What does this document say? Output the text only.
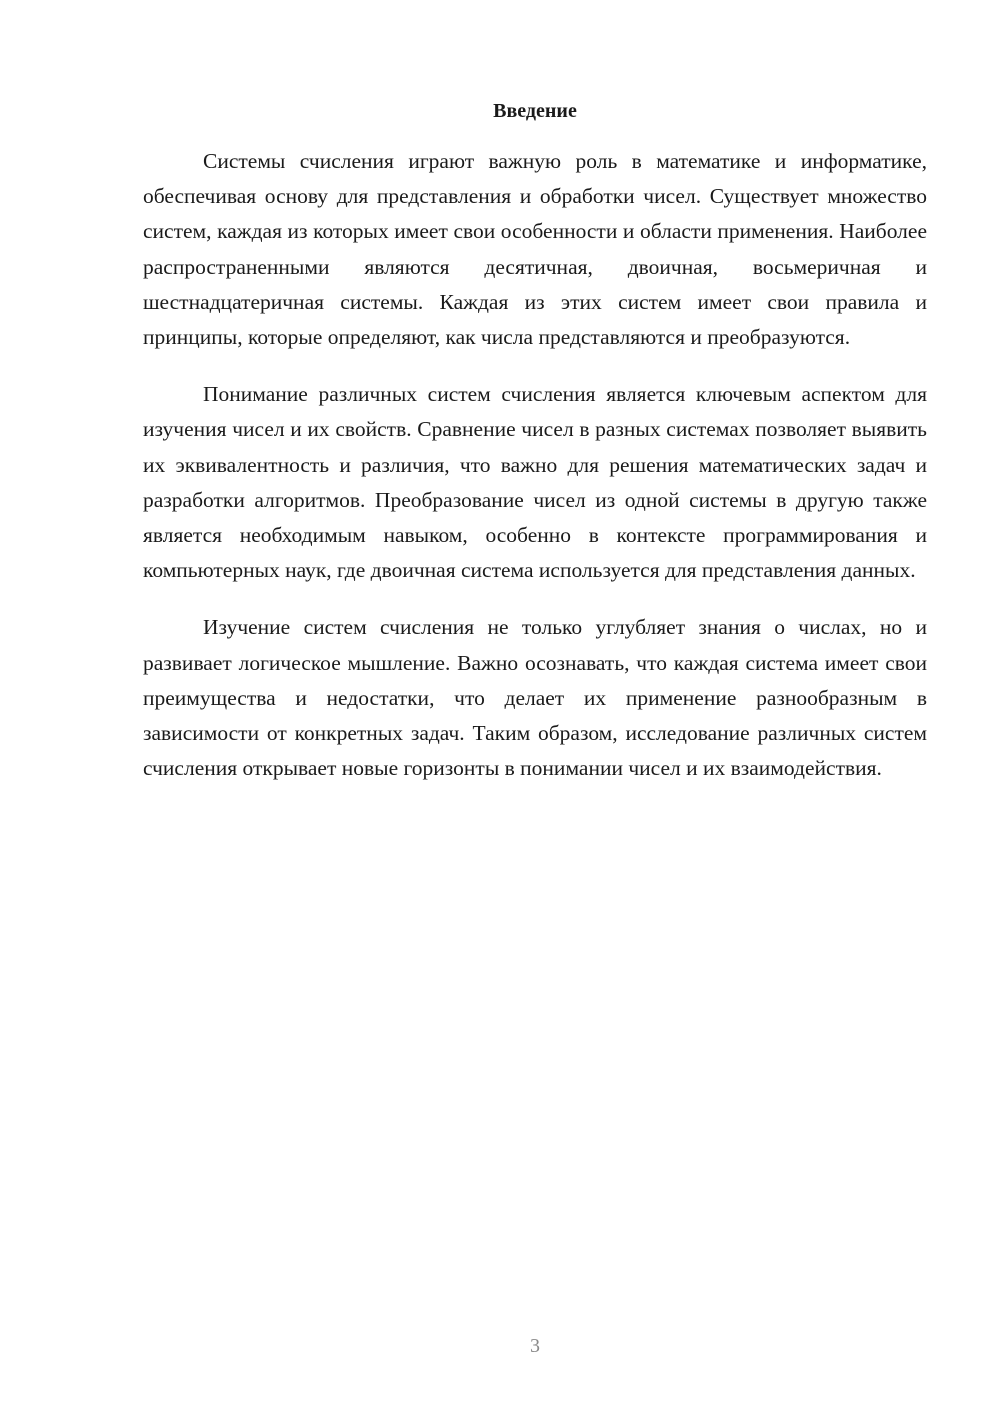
Введение

Системы счисления играют важную роль в математике и информатике, обеспечивая основу для представления и обработки чисел. Существует множество систем, каждая из которых имеет свои особенности и области применения. Наиболее распространенными являются десятичная, двоичная, восьмеричная и шестнадцатеричная системы. Каждая из этих систем имеет свои правила и принципы, которые определяют, как числа представляются и преобразуются.

Понимание различных систем счисления является ключевым аспектом для изучения чисел и их свойств. Сравнение чисел в разных системах позволяет выявить их эквивалентность и различия, что важно для решения математических задач и разработки алгоритмов. Преобразование чисел из одной системы в другую также является необходимым навыком, особенно в контексте программирования и компьютерных наук, где двоичная система используется для представления данных.

Изучение систем счисления не только углубляет знания о числах, но и развивает логическое мышление. Важно осознавать, что каждая система имеет свои преимущества и недостатки, что делает их применение разнообразным в зависимости от конкретных задач. Таким образом, исследование различных систем счисления открывает новые горизонты в понимании чисел и их взаимодействия.

3
